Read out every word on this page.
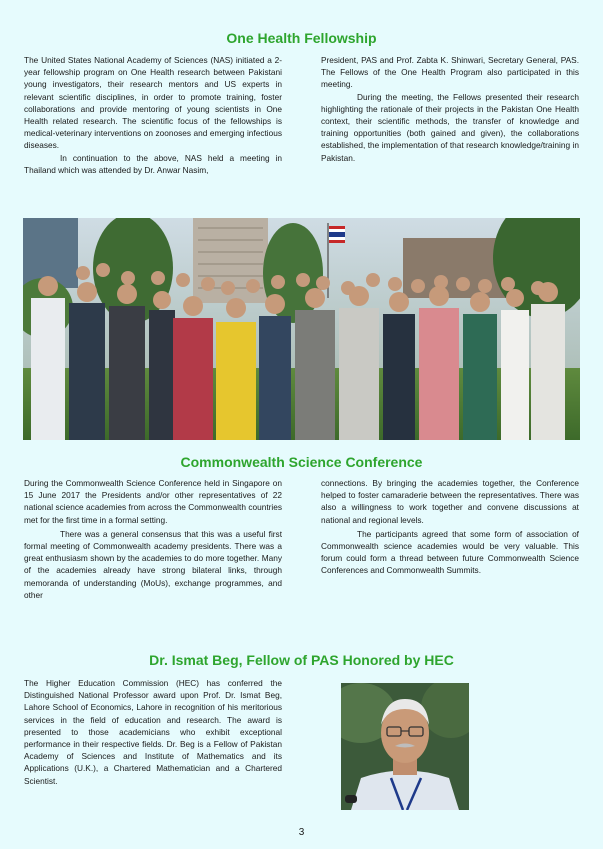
One Health Fellowship

The United States National Academy of Sciences (NAS) initiated a 2-year fellowship program on One Health research between Pakistani young investigators, their research mentors and US experts in relevant scientific disciplines, in order to promote training, foster collaborations and provide mentoring of young scientists in One Health related research. The scientific focus of the fellowships is medical-veterinary interventions on zoonoses and emerging infectious diseases.

In continuation to the above, NAS held a meeting in Thailand which was attended by Dr. Anwar Nasim,

President, PAS and Prof. Zabta K. Shinwari, Secretary General, PAS. The Fellows of the One Health Program also participated in this meeting.

During the meeting, the Fellows presented their research highlighting the rationale of their projects in the Pakistan One Health context, their scientific methods, the transfer of knowledge and training opportunities (both gained and given), the collaborations established, the implementation of that research knowledge/training in Pakistan.

Commonwealth Science Conference

During the Commonwealth Science Conference held in Singapore on 15 June 2017 the Presidents and/or other representatives of 22 national science academies from across the Commonwealth countries met for the first time in a formal setting.

There was a general consensus that this was a useful first formal meeting of Commonwealth academy presidents. There was a great enthusiasm shown by the academies to do more together. Many of the academies already have strong bilateral links, through memoranda of understanding (MoUs), exchange programmes, and other

connections. By bringing the academies together, the Conference helped to foster camaraderie between the representatives. There was also a willingness to work together and convene discussions at national and regional levels.

The participants agreed that some form of association of Commonwealth science academies would be very valuable. This forum could form a thread between future Commonwealth Science Conferences and Commonwealth Summits.

Dr. Ismat Beg, Fellow of PAS Honored by HEC

The Higher Education Commission (HEC) has conferred the Distinguished National Professor award upon Prof. Dr. Ismat Beg, Lahore School of Economics, Lahore in recognition of his meritorious services in the field of education and research. The award is presented to those academicians who exhibit exceptional performance in their respective fields. Dr. Beg is a Fellow of Pakistan Academy of Sciences and Institute of Mathematics and its Applications (U.K.), a Chartered Mathematician and a Chartered Scientist.

3
